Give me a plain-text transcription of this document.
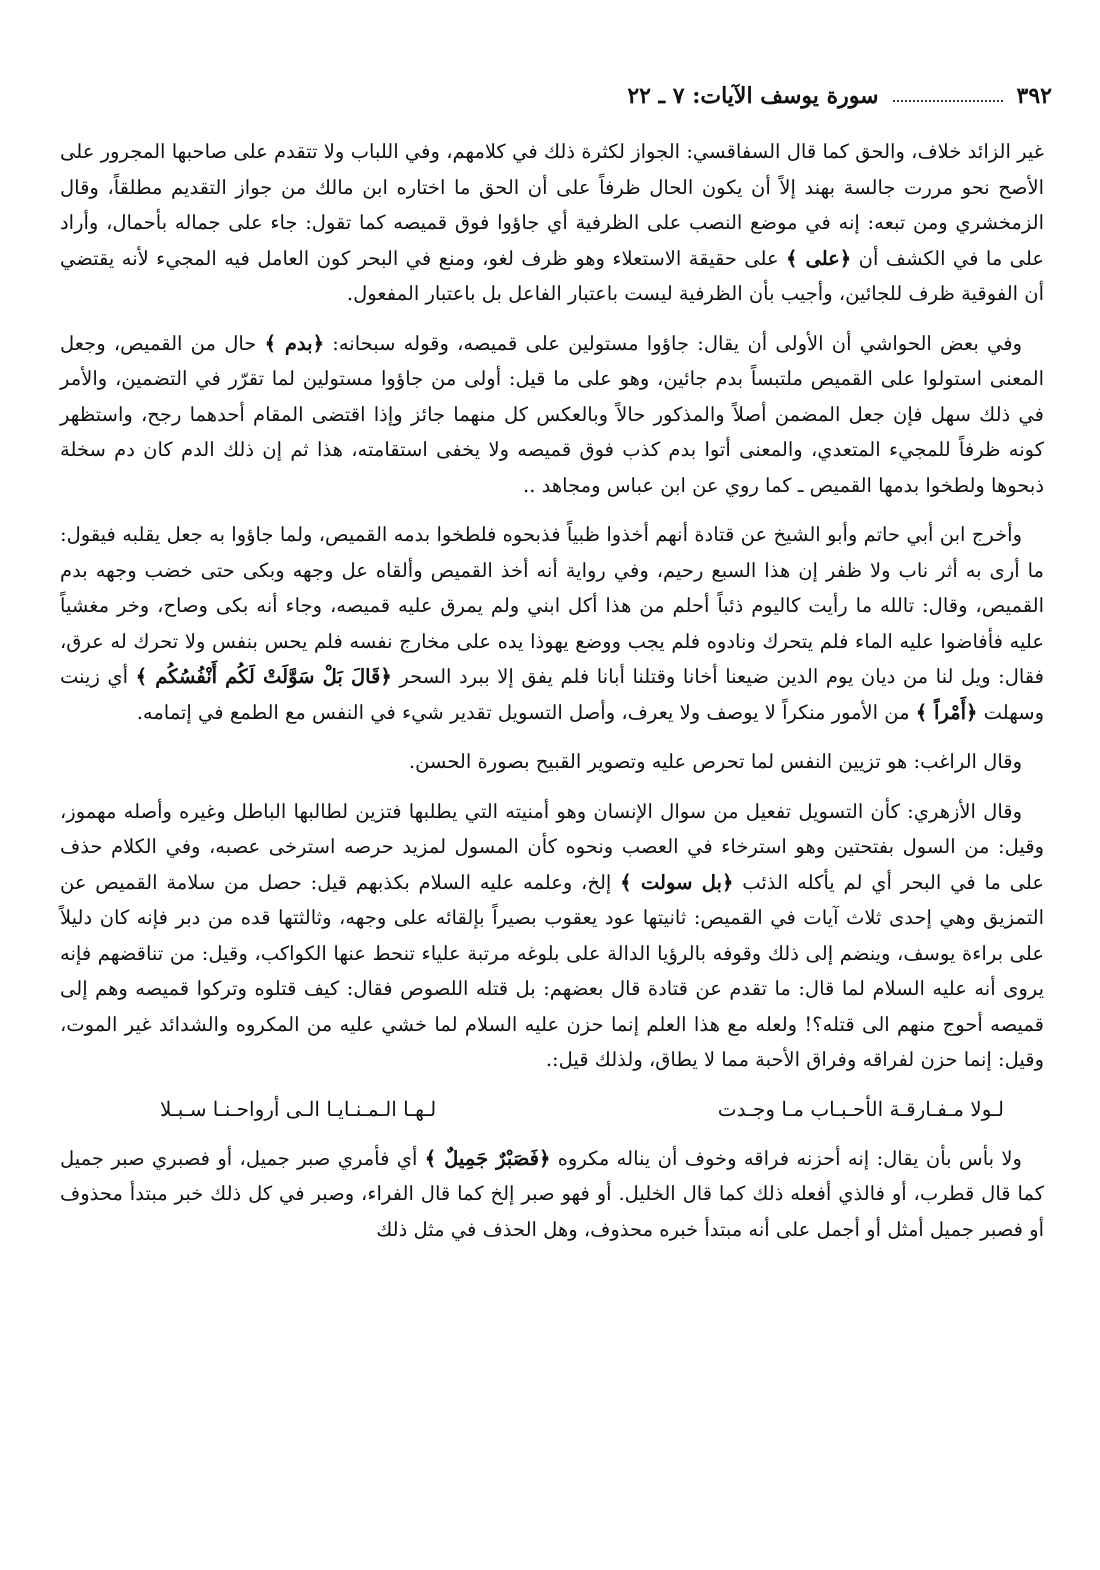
٣٩٢
سورة يوسف الآيات: ٧ ـ ٢٢

غير الزائد خلاف، والحق كما قال السفاقسي: الجواز لكثرة ذلك في كلامهم، وفي اللباب ولا تتقدم على صاحبها المجرور على الأصح نحو مررت جالسة بهند إلاً أن يكون الحال ظرفاً على أن الحق ما اختاره ابن مالك من جواز التقديم مطلقاً، وقال الزمخشري ومن تبعه: إنه في موضع النصب على الظرفية أي جاؤوا فوق قميصه كما تقول: جاء على جماله بأحمال، وأراد على ما في الكشف أن ﴿على ﴾ على حقيقة الاستعلاء وهو ظرف لغو، ومنع في البحر كون العامل فيه المجيء لأنه يقتضي أن الفوقية ظرف للجائين، وأجيب بأن الظرفية ليست باعتبار الفاعل بل باعتبار المفعول.

وفي بعض الحواشي أن الأولى أن يقال: جاؤوا مستولين على قميصه، وقوله سبحانه: ﴿بدم ﴾ حال من القميص، وجعل المعنى استولوا على القميص ملتبساً بدم جائين، وهو على ما قيل: أولى من جاؤوا مستولين لما تقرّر في التضمين، والأمر في ذلك سهل فإن جعل المضمن أصلاً والمذكور حالاً وبالعكس كل منهما جائز وإذا اقتضى المقام أحدهما رجح، واستظهر كونه ظرفاً للمجيء المتعدي، والمعنى أتوا بدم كذب فوق قميصه ولا يخفى استقامته، هذا ثم إن ذلك الدم كان دم سخلة ذبحوها ولطخوا بدمها القميص ـ كما روي عن ابن عباس ومجاهد ..

وأخرج ابن أبي حاتم وأبو الشيخ عن قتادة أنهم أخذوا ظبياً فذبحوه فلطخوا بدمه القميص، ولما جاؤوا به جعل يقلبه فيقول: ما أرى به أثر ناب ولا ظفر إن هذا السبع رحيم، وفي رواية أنه أخذ القميص وألقاه عل وجهه وبكى حتى خضب وجهه بدم القميص، وقال: تالله ما رأيت كاليوم ذئباً أحلم من هذا أكل ابني ولم يمرق عليه قميصه، وجاء أنه بكى وصاح، وخر مغشياً عليه فأفاضوا عليه الماء فلم يتحرك ونادوه فلم يجب ووضع يهوذا يده على مخارج نفسه فلم يحس بنفس ولا تحرك له عرق، فقال: ويل لنا من ديان يوم الدين ضيعنا أخانا وقتلنا أبانا فلم يفق إلا ببرد السحر ﴿قَالَ بَلْ سَوَّلَتْ لَكُم أَنْفُسُكُم ﴾ أي زينت وسهلت ﴿أَمْراً ﴾ من الأمور منكراً لا يوصف ولا يعرف، وأصل التسويل تقدير شيء في النفس مع الطمع في إتمامه.

وقال الراغب: هو تزيين النفس لما تحرص عليه وتصوير القبيح بصورة الحسن.

وقال الأزهري: كأن التسويل تفعيل من سوال الإنسان وهو أمنيته التي يطلبها فتزين لطالبها الباطل وغيره وأصله مهموز، وقيل: من السول بفتحتين وهو استرخاء في العصب ونحوه كأن المسول لمزيد حرصه استرخى عصبه، وفي الكلام حذف على ما في البحر أي لم يأكله الذئب ﴿بل سولت ﴾ إلخ، وعلمه عليه السلام بكذبهم قيل: حصل من سلامة القميص عن التمزيق وهي إحدى ثلاث آيات في القميص: ثانيتها عود يعقوب بصيراً بإلقائه على وجهه، وثالثتها قده من دبر فإنه كان دليلاً على براءة يوسف، وينضم إلى ذلك وقوفه بالرؤيا الدالة على بلوغه مرتبة علياء تنحط عنها الكواكب، وقيل: من تناقضهم فإنه يروى أنه عليه السلام لما قال: ما تقدم عن قتادة قال بعضهم: بل قتله اللصوص فقال: كيف قتلوه وتركوا قميصه وهم إلى قميصه أحوج منهم الى قتله؟! ولعله مع هذا العلم إنما حزن عليه السلام لما خشي عليه من المكروه والشدائد غير الموت، وقيل: إنما حزن لفراقه وفراق الأحبة مما لا يطاق، ولذلك قيل:.

لـولا مـفـارقـة الأحـبـاب مـا وجـدت
لـهـا الـمـنـايـا الـى أرواحـنـا سـبـلا

ولا بأس بأن يقال: إنه أحزنه فراقه وخوف أن يناله مكروه ﴿فَصَبْرٌ جَمِيلٌ ﴾ أي فأمري صبر جميل، أو فصبري صبر جميل كما قال قطرب، أو فالذي أفعله ذلك كما قال الخليل. أو فهو صبر إلخ كما قال الفراء، وصبر في كل ذلك خبر مبتدأ محذوف أو فصبر جميل أمثل أو أجمل على أنه مبتدأ خبره محذوف، وهل الحذف في مثل ذلك
